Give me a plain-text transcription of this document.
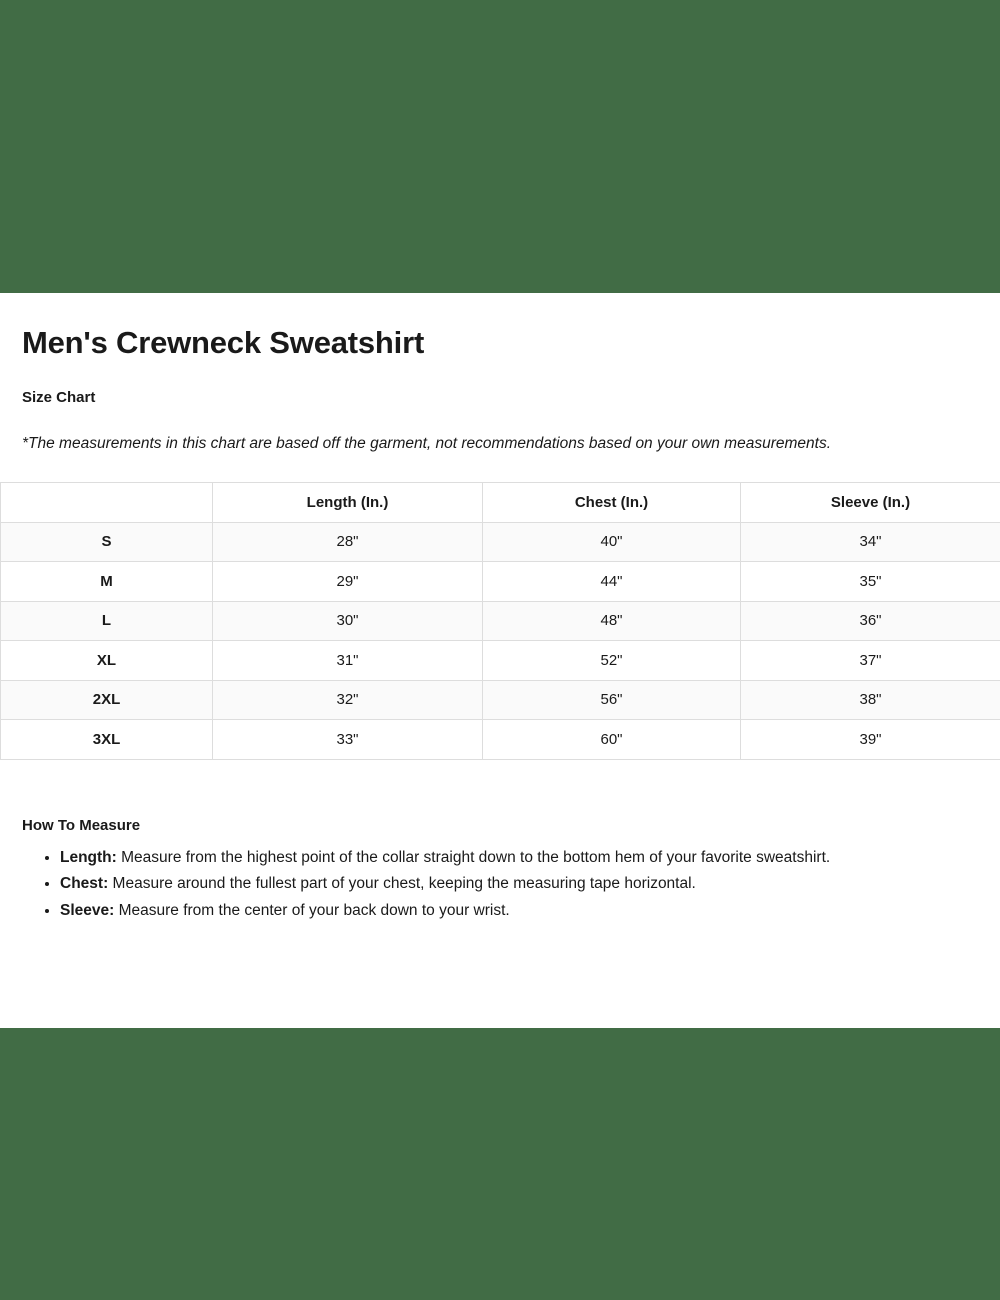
Men's Crewneck Sweatshirt
Size Chart
*The measurements in this chart are based off the garment, not recommendations based on your own measurements.
	Length (In.)	Chest (In.)	Sleeve (In.)
S	28"	40"	34"
M	29"	44"	35"
L	30"	48"	36"
XL	31"	52"	37"
2XL	32"	56"	38"
3XL	33"	60"	39"
How To Measure
• Length: Measure from the highest point of the collar straight down to the bottom hem of your favorite sweatshirt.
• Chest: Measure around the fullest part of your chest, keeping the measuring tape horizontal.
• Sleeve: Measure from the center of your back down to your wrist.
